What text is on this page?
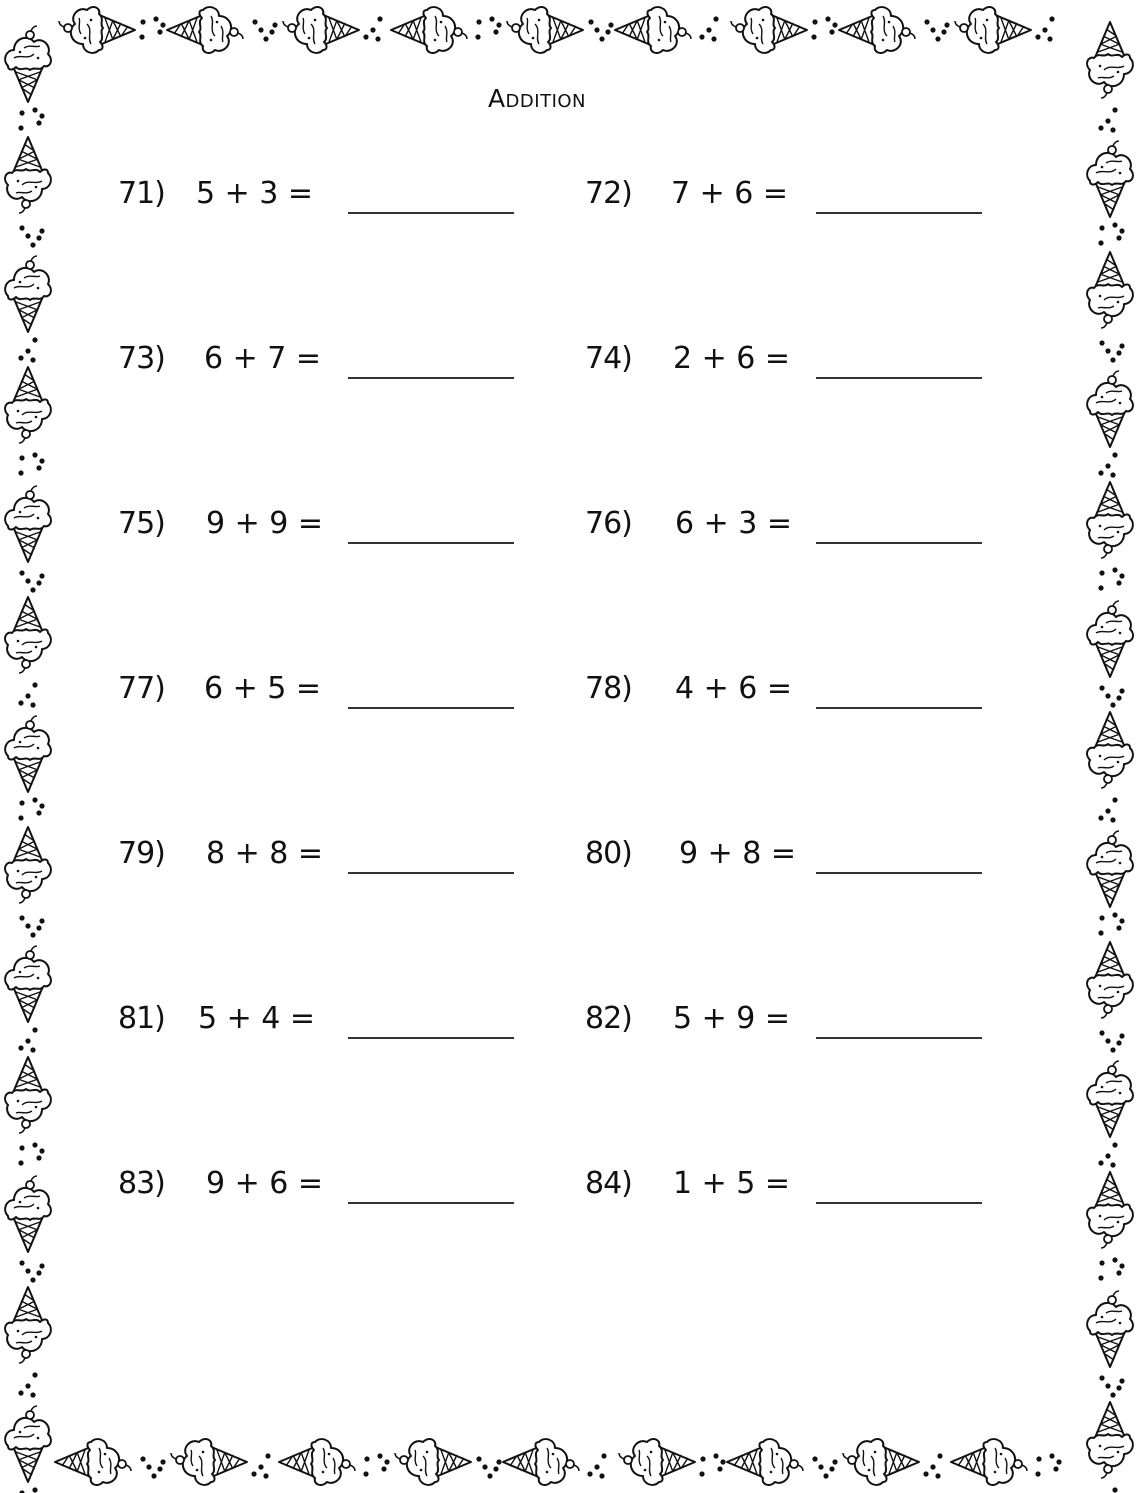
Addition
71) 5 + 3 =
73) 6 + 7 =
75) 9 + 9 =
77) 6 + 5 =
79) 8 + 8 =
81) 5 + 4 =
83) 9 + 6 =
72) 7 + 6 =
74) 2 + 6 =
76) 6 + 3 =
78) 4 + 6 =
80) 9 + 8 =
82) 5 + 9 =
84) 1 + 5 =
